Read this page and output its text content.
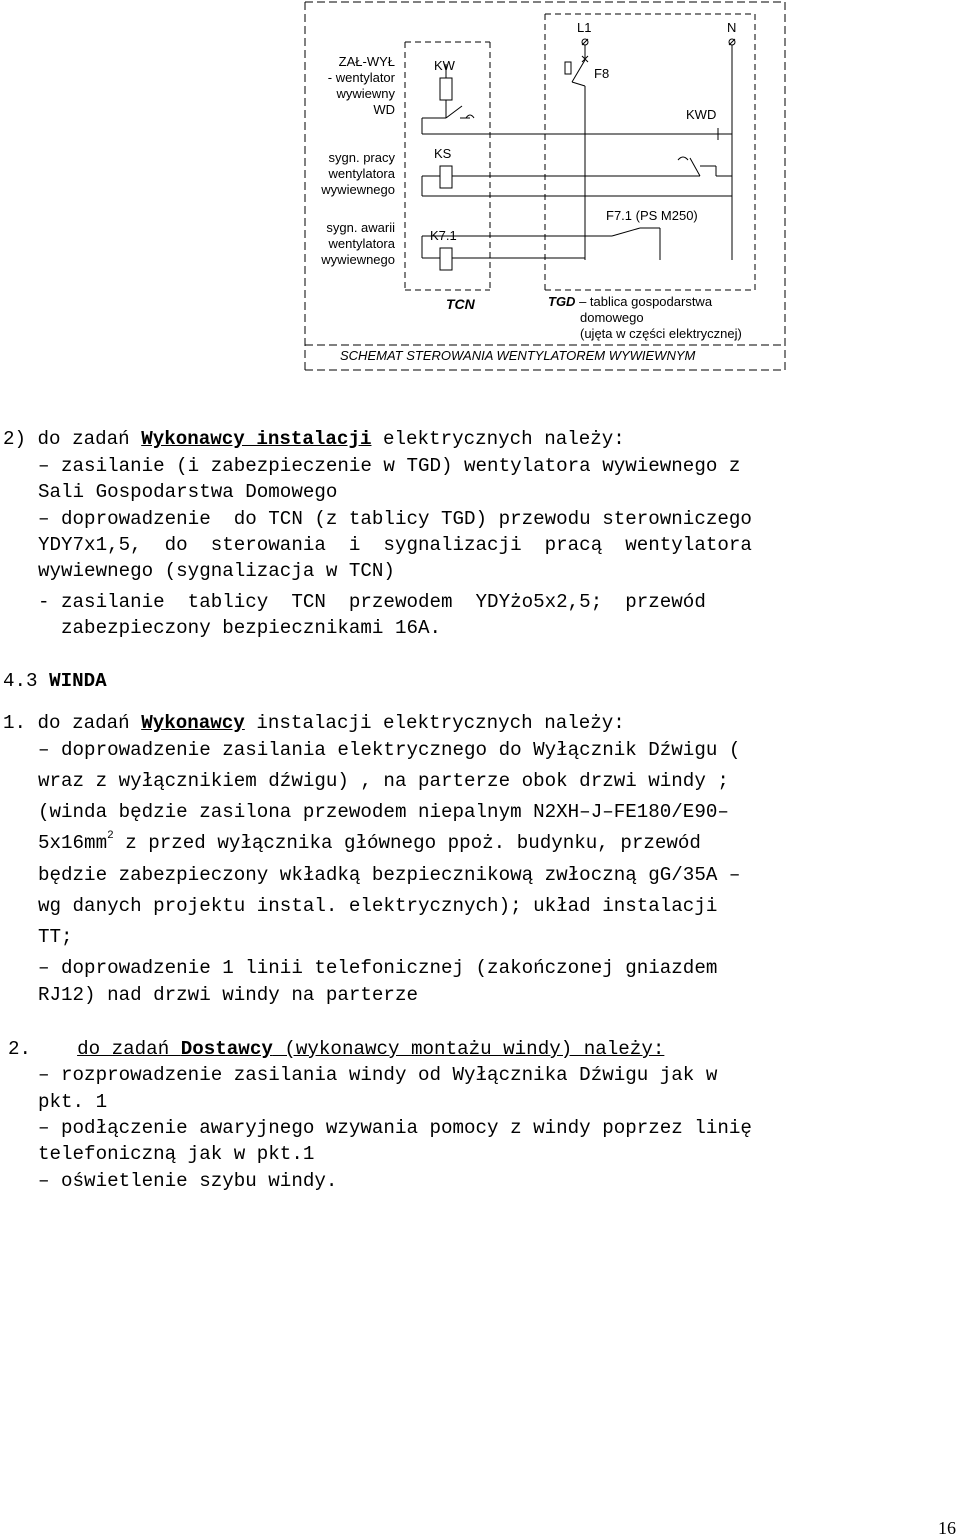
ZAŁ-WYŁ
- wentylator
wywiewny
WD
sygn. pracy
wentylatora
wywiewnego
sygn. awarii
wentylatora
wywiewnego
KW
KS
K7.1
L1	N
F8
KWD
F7.1 (PS M250)
TCN	TGD – tablica gospodarstwa
domowego
(ujęta w części elektrycznej)
SCHEMAT STEROWANIA WENTYLATOREM WYWIEWNYM
2) do zadań Wykonawcy instalacji elektrycznych należy:
– zasilanie (i zabezpieczenie w TGD) wentylatora wywiewnego z
Sali Gospodarstwa Domowego
– doprowadzenie  do TCN (z tablicy TGD) przewodu sterowniczego
YDY7x1,5,  do  sterowania  i  sygnalizacji  pracą  wentylatora
wywiewnego (sygnalizacja w TCN)
- zasilanie  tablicy  TCN  przewodem  YDYżo5x2,5;  przewód
zabezpieczony bezpiecznikami 16A.
4.3 WINDA
1. do zadań Wykonawcy instalacji elektrycznych należy:
– doprowadzenie zasilania elektrycznego do Wyłącznik Dźwigu (
wraz z wyłącznikiem dźwigu) , na parterze obok drzwi windy ;
(winda będzie zasilona przewodem niepalnym N2XH–J–FE180/E90–
$5x16mm^2$ z przed wyłącznika głównego ppoż. budynku, przewód
będzie zabezpieczony wkładką bezpiecznikową zwłoczną gG/35A –
wg danych projektu instal. elektrycznych); układ instalacji
TT;
– doprowadzenie 1 linii telefonicznej (zakończonej gniazdem
RJ12) nad drzwi windy na parterze
2. do zadań Dostawcy (wykonawcy montażu windy) należy:
– rozprowadzenie zasilania windy od Wyłącznika Dźwigu jak w
pkt. 1
– podłączenie awaryjnego wzywania pomocy z windy poprzez linię
telefoniczną jak w pkt.1
– oświetlenie szybu windy.
16
